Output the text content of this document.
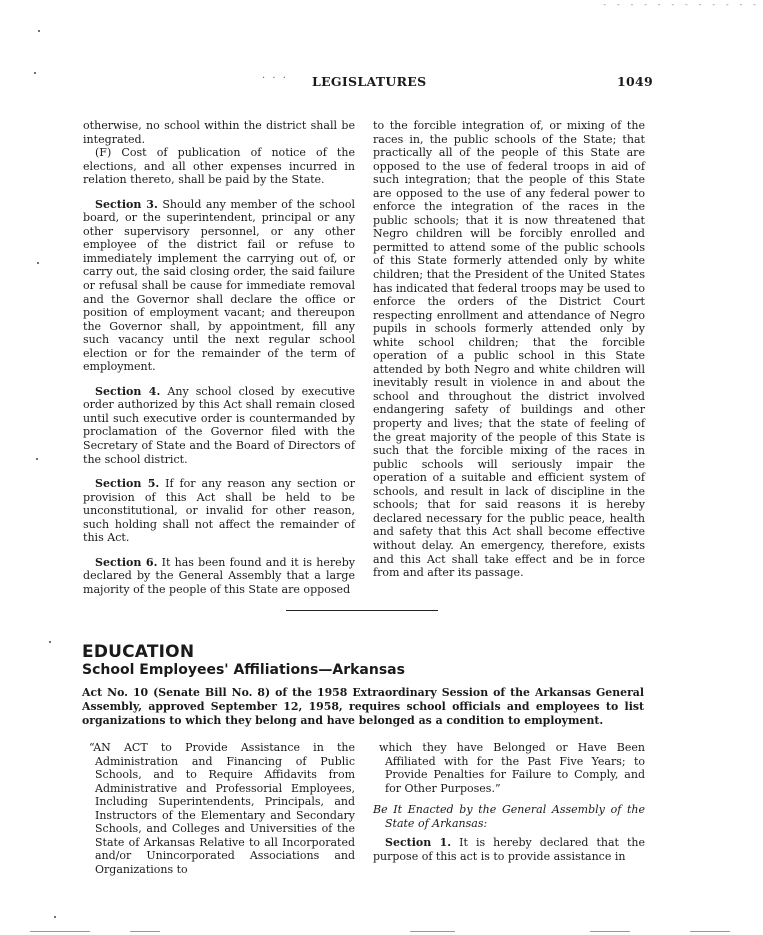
- - - - - - - - - - - -
· · · LEGISLATURES	1049

otherwise, no school within the district shall be integrated.

(F) Cost of publication of notice of the elections, and all other expenses incurred in relation thereto, shall be paid by the State.

Section 3. Should any member of the school board, or the superintendent, principal or any other supervisory personnel, or any other employee of the district fail or refuse to immediately implement the carrying out of, or carry out, the said closing order, the said failure or refusal shall be cause for immediate removal and the Governor shall declare the office or position of employment vacant; and thereupon the Governor shall, by appointment, fill any such vacancy until the next regular school election or for the remainder of the term of employment.

Section 4. Any school closed by executive order authorized by this Act shall remain closed until such executive order is countermanded by proclamation of the Governor filed with the Secretary of State and the Board of Directors of the school district.

Section 5. If for any reason any section or provision of this Act shall be held to be unconstitutional, or invalid for other reason, such holding shall not affect the remainder of this Act.

Section 6. It has been found and it is hereby declared by the General Assembly that a large majority of the people of this State are opposed

to the forcible integration of, or mixing of the races in, the public schools of the State; that practically all of the people of this State are opposed to the use of federal troops in aid of such integration; that the people of this State are opposed to the use of any federal power to enforce the integration of the races in the public schools; that it is now threatened that Negro children will be forcibly enrolled and permitted to attend some of the public schools of this State formerly attended only by white children; that the President of the United States has indicated that federal troops may be used to enforce the orders of the District Court respecting enrollment and attendance of Negro pupils in schools formerly attended only by white school children; that the forcible operation of a public school in this State attended by both Negro and white children will inevitably result in violence in and about the school and throughout the district involved endangering safety of buildings and other property and lives; that the state of feeling of the great majority of the people of this State is such that the forcible mixing of the races in public schools will seriously impair the operation of a suitable and efficient system of schools, and result in lack of discipline in the schools; that for said reasons it is hereby declared necessary for the public peace, health and safety that this Act shall become effective without delay. An emergency, therefore, exists and this Act shall take effect and be in force from and after its passage.

EDUCATION
School Employees' Affiliations—Arkansas
Act No. 10 (Senate Bill No. 8) of the 1958 Extraordinary Session of the Arkansas General Assembly, approved September 12, 1958, requires school officials and employees to list organizations to which they belong and have belonged as a condition to employment.

“AN ACT to Provide Assistance in the Administration and Financing of Public Schools, and to Require Affidavits from Administrative and Professorial Employees, Including Superintendents, Principals, and Instructors of the Elementary and Secondary Schools, and Colleges and Universities of the State of Arkansas Relative to all Incorporated and/or Unincorporated Associations and Organizations to

which they have Belonged or Have Been Affiliated with for the Past Five Years; to Provide Penalties for Failure to Comply, and for Other Purposes.”

Be It Enacted by the General Assembly of the State of Arkansas:

Section 1. It is hereby declared that the purpose of this act is to provide assistance in
